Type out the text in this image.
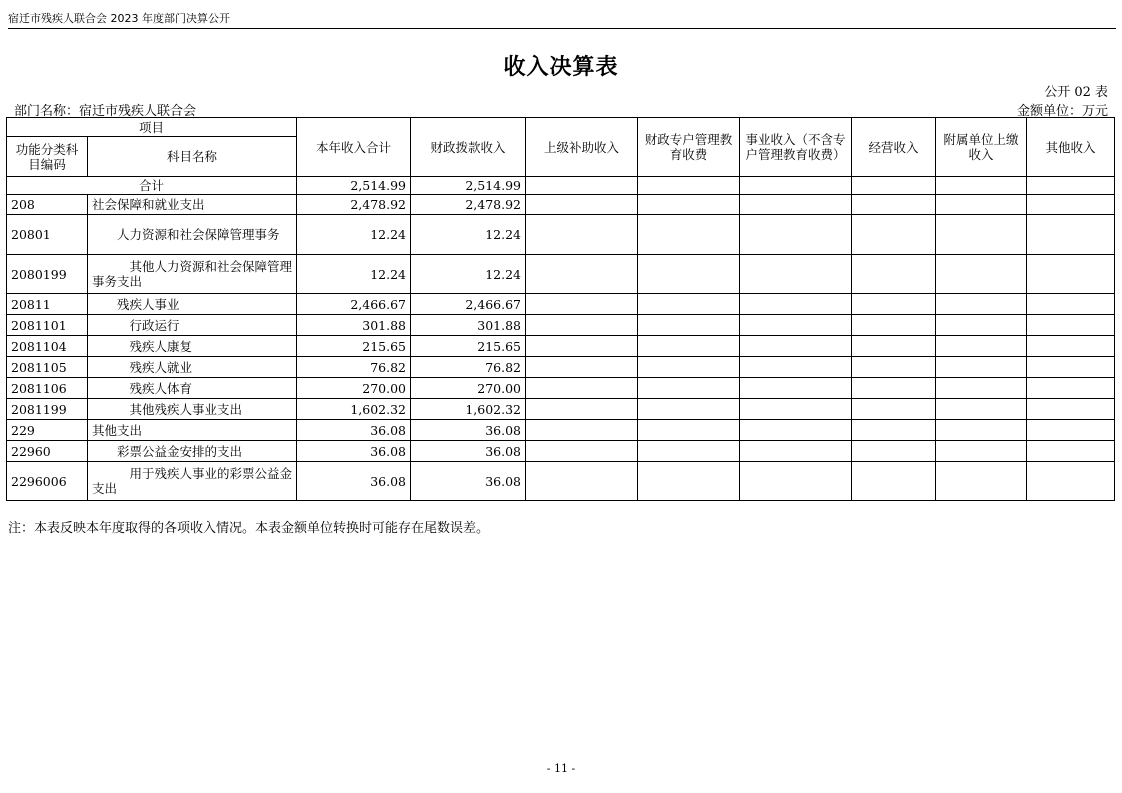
宿迁市残疾人联合会 2023 年度部门决算公开
收入决算表
公开 02 表
部门名称：宿迁市残疾人联合会	金额单位：万元
项目		本年收入合计	财政拨款收入	上级补助收入	财政专户管理教育收费	事业收入（不含专户管理教育收费）	经营收入	附属单位上缴收入	其他收入
功能分类科目编码	科目名称								
合计		2,514.99	2,514.99						
208	社会保障和就业支出	2,478.92	2,478.92						
20801	　　人力资源和社会保障管理事务	12.24	12.24						
2080199	　　　其他人力资源和社会保障管理事务支出	12.24	12.24						
20811	　　残疾人事业	2,466.67	2,466.67						
2081101	　　　行政运行	301.88	301.88						
2081104	　　　残疾人康复	215.65	215.65						
2081105	　　　残疾人就业	76.82	76.82						
2081106	　　　残疾人体育	270.00	270.00						
2081199	　　　其他残疾人事业支出	1,602.32	1,602.32						
229	其他支出	36.08	36.08						
22960	　　彩票公益金安排的支出	36.08	36.08						
2296006	　　　用于残疾人事业的彩票公益金支出	36.08	36.08						
注：本表反映本年度取得的各项收入情况。本表金额单位转换时可能存在尾数误差。
- 11 -
